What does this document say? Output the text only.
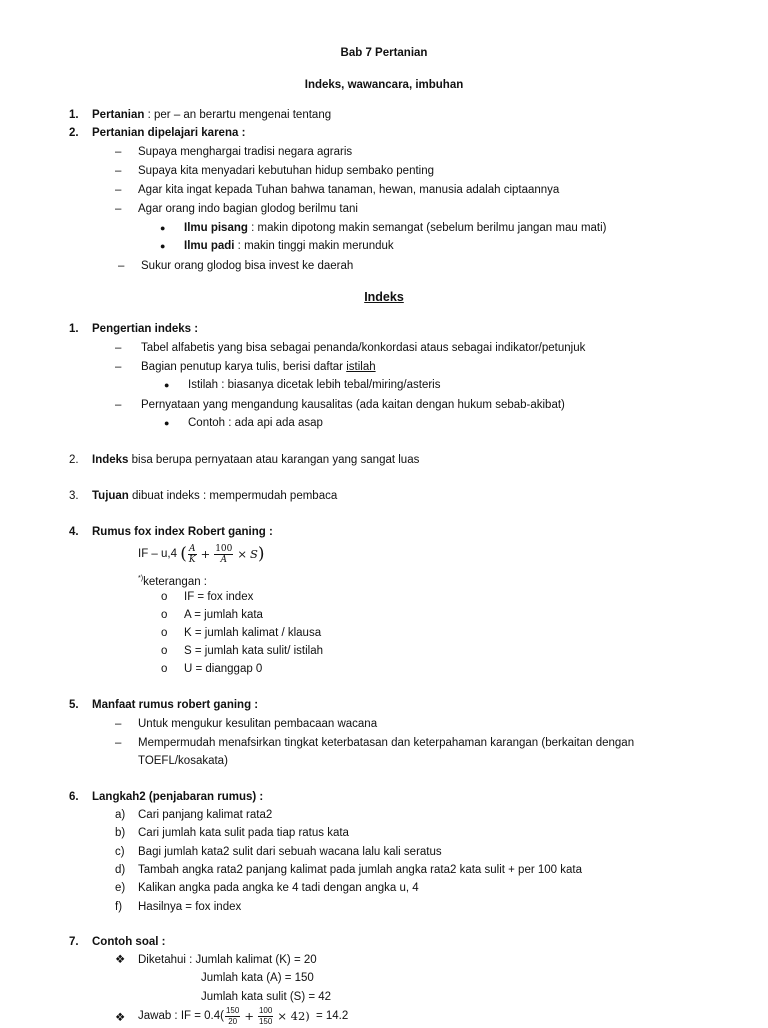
Bab 7 Pertanian
Indeks, wawancara, imbuhan
1. Pertanian : per – an berartu mengenai tentang
2. Pertanian dipelajari karena :
– Supaya menghargai tradisi negara agraris
– Supaya kita menyadari kebutuhan hidup sembako penting
– Agar kita ingat kepada Tuhan bahwa tanaman, hewan, manusia adalah ciptaannya
– Agar orang indo bagian glodog berilmu tani
● Ilmu pisang : makin dipotong makin semangat (sebelum berilmu jangan mau mati)
● Ilmu padi : makin tinggi makin merunduk
– Sukur orang glodog bisa invest ke daerah
Indeks
1. Pengertian indeks :
– Tabel alfabetis yang bisa sebagai penanda/konkordasi ataus sebagai indikator/petunjuk
– Bagian penutup karya tulis, berisi daftar istilah
● Istilah : biasanya dicetak lebih tebal/miring/asteris
– Pernyataan yang mengandung kausalitas (ada kaitan dengan hukum sebab-akibat)
● Contoh : ada api ada asap
2. Indeks bisa berupa pernyataan atau karangan yang sangat luas
3. Tujuan dibuat indeks : mempermudah pembaca
4. Rumus fox index Robert ganing :
IF – u,4 ( $\frac{A}{K} + \frac{100}{A} \times S$)
*)keterangan :
o IF = fox index
o A = jumlah kata
o K = jumlah kalimat / klausa
o S = jumlah kata sulit/ istilah
o U = dianggap 0
5. Manfaat rumus robert ganing :
– Untuk mengukur kesulitan pembacaan wacana
– Mempermudah menafsirkan tingkat keterbatasan dan keterpahaman karangan (berkaitan dengan
TOEFL/kosakata)
6. Langkah2 (penjabaran rumus) :
a) Cari panjang kalimat rata2
b) Cari jumlah kata sulit pada tiap ratus kata
c) Bagi jumlah kata2 sulit dari sebuah wacana lalu kali seratus
d) Tambah angka rata2 panjang kalimat pada jumlah angka rata2 kata sulit + per 100 kata
e) Kalikan angka pada angka ke 4 tadi dengan angka u, 4
f) Hasilnya = fox index
7. Contoh soal :
❖ Diketahui : Jumlah kalimat (K) = 20
Jumlah kata (A) = 150
Jumlah kata sulit (S) = 42
❖ Jawab : IF = $0.4( \frac{150}{20} + \frac{100}{150} \times 42) = 14.2$
